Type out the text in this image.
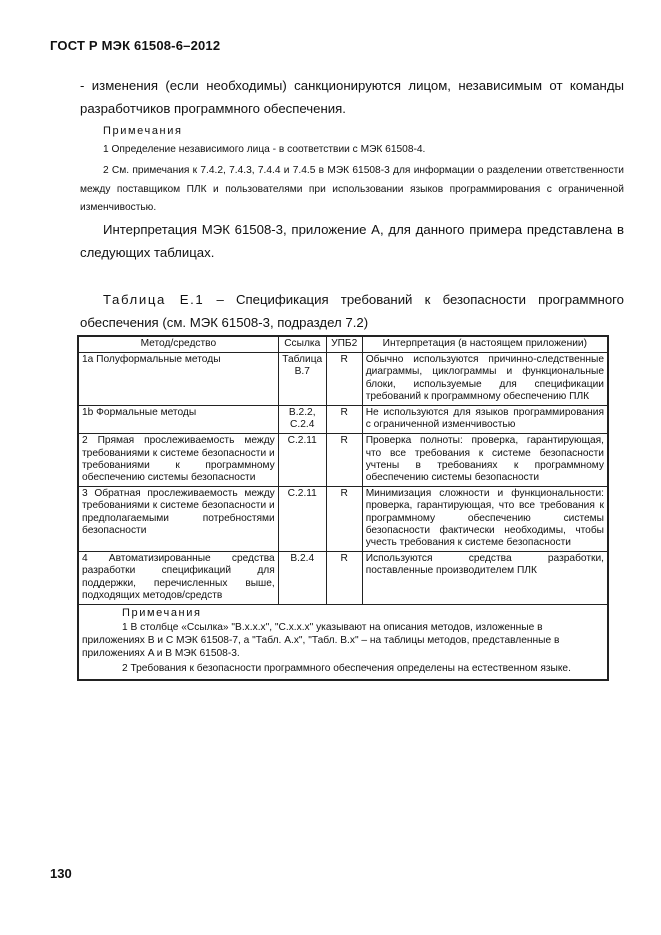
ГОСТ Р МЭК 61508-6–2012
- изменения (если необходимы) санкционируются лицом, независимым от команды разработчиков программного обеспечения.
Примечания
1 Определение независимого лица - в соответствии с МЭК 61508-4.
2 См. примечания к 7.4.2, 7.4.3, 7.4.4 и 7.4.5 в МЭК 61508-3 для информации о разделении ответственности между поставщиком ПЛК и пользователями при использовании языков программирования с ограниченной изменчивостью.
Интерпретация МЭК 61508-3, приложение А, для данного примера представлена в следующих таблицах.
Таблица Е.1 – Спецификация требований к безопасности программного обеспечения (см. МЭК 61508-3, подраздел 7.2)
Метод/средство	Ссылка	УПБ2	Интерпретация (в настоящем приложении)
1a Полуформальные методы	Таблица B.7	R	Обычно используются причинно-следственные диаграммы, циклограммы и функциональные блоки, используемые для спецификации требований к программному обеспечению ПЛК
1b Формальные методы	B.2.2, C.2.4	R	Не используются для языков программирования с ограниченной изменчивостью
2 Прямая прослеживаемость между требованиями к системе безопасности и требованиями к программному обеспечению системы безопасности	C.2.11	R	Проверка полноты: проверка, гарантирующая, что все требования к системе безопасности учтены в требованиях к программному обеспечению системы безопасности
3 Обратная прослеживаемость между требованиями к системе безопасности и предполагаемыми потребностями безопасности	C.2.11	R	Минимизация сложности и функциональности: проверка, гарантирующая, что все требования к программному обеспечению системы безопасности фактически необходимы, чтобы учесть требования к системе безопасности
4 Автоматизированные средства разработки спецификаций для поддержки, перечисленных выше, подходящих методов/средств	B.2.4	R	Используются средства разработки, поставленные производителем ПЛК

Примечания
1 В столбце «Ссылка» "B.x.x.x", "C.x.x.x" указывают на описания методов, изложенные в приложениях B и C МЭК 61508-7, а "Табл. A.x", "Табл. B.x" – на таблицы методов, представленные в приложениях A и B МЭК 61508-3.
2 Требования к безопасности программного обеспечения определены на естественном языке.			
130
